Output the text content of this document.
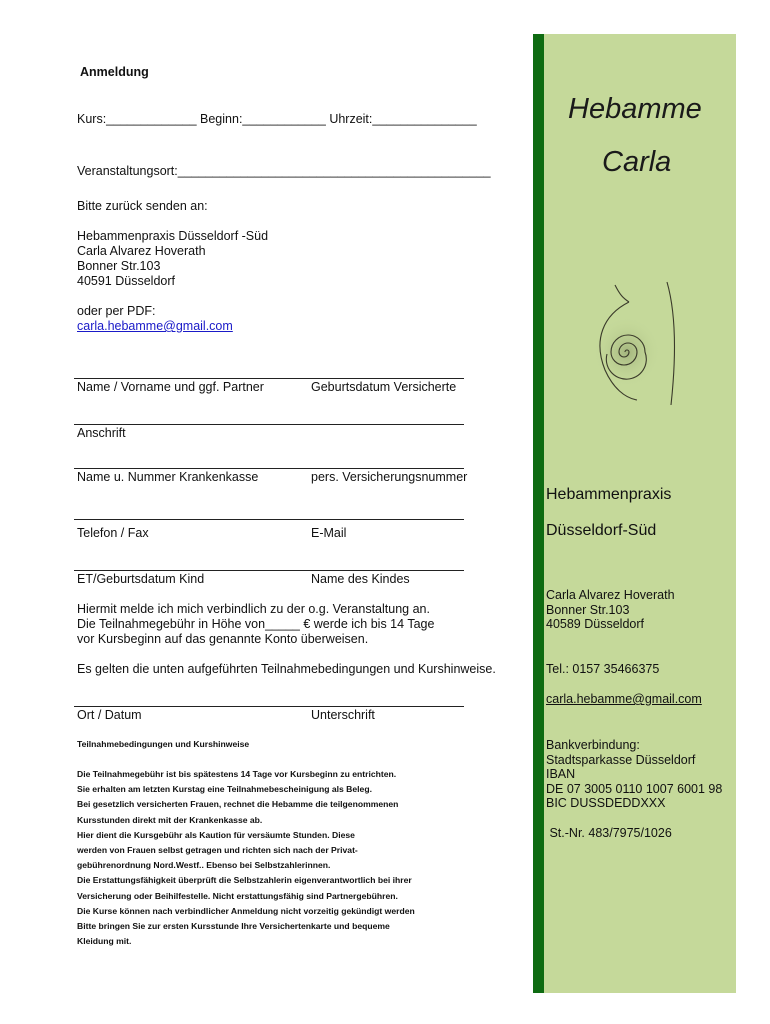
Anmeldung
Kurs:_____________ Beginn:____________ Uhrzeit:_______________
Veranstaltungsort:_____________________________________________
Bitte zurück senden an:
Hebammenpraxis Düsseldorf -Süd
Carla Alvarez Hoverath
Bonner Str.103
40591 Düsseldorf
oder per PDF:
carla.hebamme@gmail.com
Name / Vorname und ggf. Partner	Geburtsdatum Versicherte
Anschrift
Name u. Nummer Krankenkasse	pers. Versicherungsnummer
Telefon / Fax	E-Mail
ET/Geburtsdatum Kind	Name des Kindes
Hiermit melde ich mich verbindlich zu der o.g. Veranstaltung an.
Die Teilnahmegebühr in Höhe von_____ € werde ich bis 14 Tage
vor Kursbeginn auf das genannte Konto überweisen.
Es gelten die unten aufgeführten Teilnahmebedingungen und Kurshinweise.
Ort / Datum	Unterschrift
Teilnahmebedingungen und Kurshinweise
Die Teilnahmegebühr ist bis spätestens 14 Tage vor Kursbeginn zu entrichten.
Sie erhalten am letzten Kurstag eine Teilnahmebescheinigung als Beleg.
Bei gesetzlich versicherten Frauen, rechnet die Hebamme die teilgenommenen
Kursstunden direkt mit der Krankenkasse ab.
Hier dient die Kursgebühr als Kaution für versäumte Stunden. Diese
werden von Frauen selbst getragen und richten sich nach der Privat-
gebührenordnung Nord.Westf.. Ebenso bei Selbstzahlerinnen.
Die Erstattungsfähigkeit überprüft die Selbstzahlerin eigenverantwortlich bei ihrer
Versicherung oder Beihilfestelle. Nicht erstattungsfähig sind Partnergebühren.
Die Kurse können nach verbindlicher Anmeldung nicht vorzeitig gekündigt werden
Bitte bringen Sie zur ersten Kursstunde Ihre Versichertenkarte und bequeme
Kleidung mit.
Hebamme
Carla
Hebammenpraxis
Düsseldorf-Süd
Carla Alvarez Hoverath
Bonner Str.103
40589 Düsseldorf
Tel.: 0157 35466375
carla.hebamme@gmail.com
Bankverbindung:
Stadtsparkasse Düsseldorf
IBAN
DE 07 3005 0110 1007 6001 98
BIC DUSSDEDDXXX
St.-Nr. 483/7975/1026
